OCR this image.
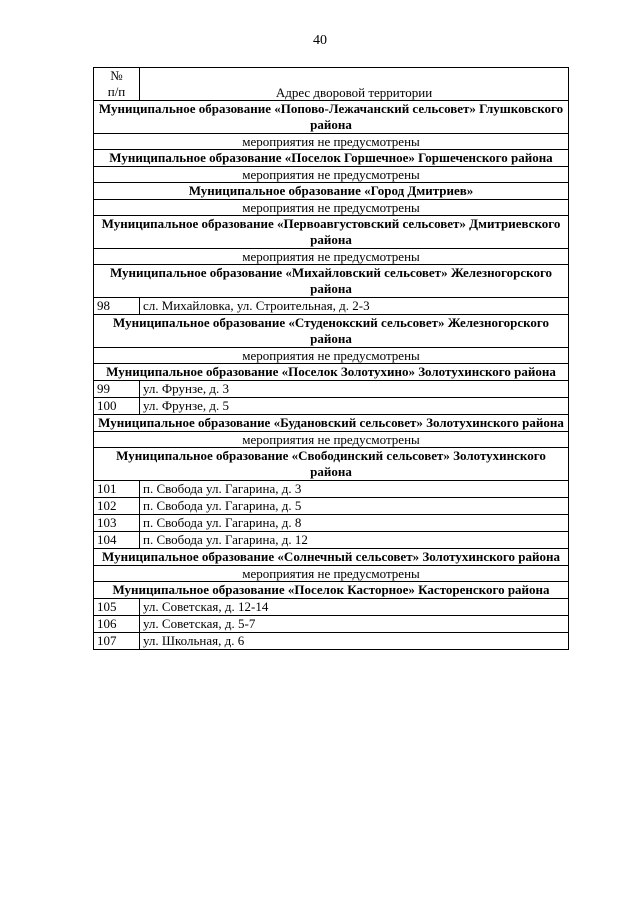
40
№
п/п	Адрес дворовой территории
Муниципальное образование «Попово-Лежачанский сельсовет» Глушковского района	
мероприятия не предусмотрены	
Муниципальное образование «Поселок Горшечное» Горшеченского района	
мероприятия не предусмотрены	
Муниципальное образование «Город Дмитриев»	
мероприятия не предусмотрены	
Муниципальное образование «Первоавгустовский сельсовет» Дмитриевского района	
мероприятия не предусмотрены	
Муниципальное образование «Михайловский сельсовет» Железногорского района	
98	сл. Михайловка, ул. Строительная, д. 2-3
Муниципальное образование «Студенокский сельсовет» Железногорского района	
мероприятия не предусмотрены	
Муниципальное образование «Поселок Золотухино» Золотухинского района	
99	ул. Фрунзе, д. 3
100	ул. Фрунзе, д. 5
Муниципальное образование «Будановский сельсовет» Золотухинского района	
мероприятия не предусмотрены	
Муниципальное образование «Свободинский сельсовет» Золотухинского района	
101	п. Свобода ул. Гагарина, д. 3
102	п. Свобода ул. Гагарина, д. 5
103	п. Свобода ул. Гагарина, д. 8
104	п. Свобода ул. Гагарина, д. 12
Муниципальное образование «Солнечный сельсовет» Золотухинского района	
мероприятия не предусмотрены	
Муниципальное образование «Поселок Касторное» Касторенского района	
105	ул. Советская, д. 12-14
106	ул. Советская, д. 5-7
107	ул. Школьная, д. 6
